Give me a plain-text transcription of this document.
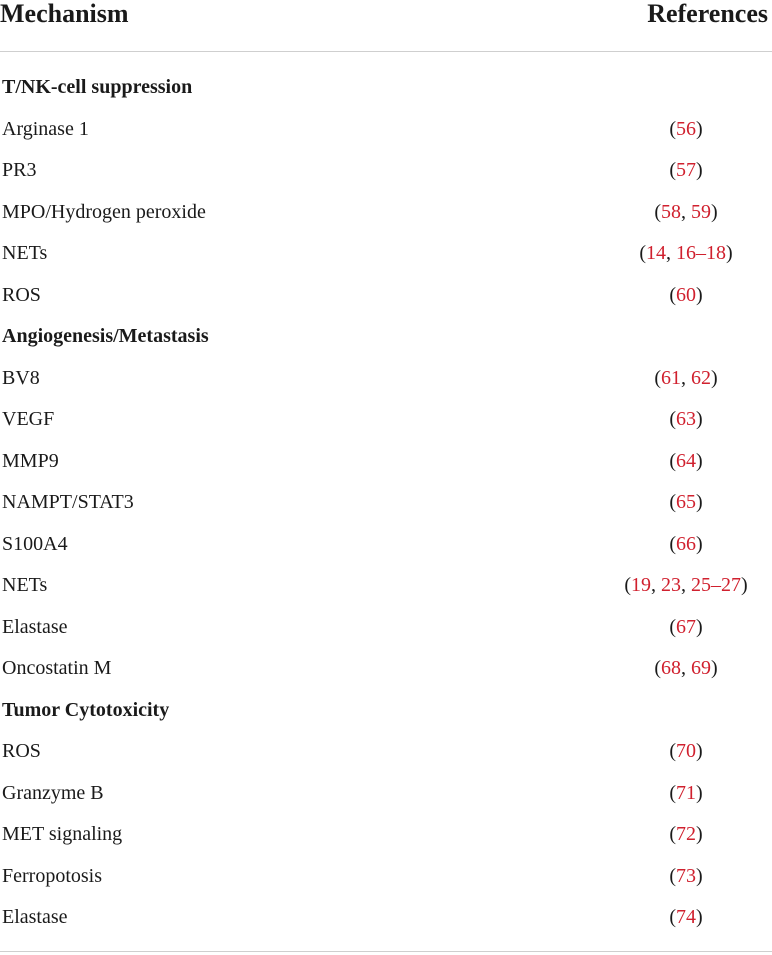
Mechanism	References
T/NK-cell suppression
Arginase 1	(56)
PR3	(57)
MPO/Hydrogen peroxide	(58, 59)
NETs	(14, 16–18)
ROS	(60)
Angiogenesis/Metastasis
BV8	(61, 62)
VEGF	(63)
MMP9	(64)
NAMPT/STAT3	(65)
S100A4	(66)
NETs	(19, 23, 25–27)
Elastase	(67)
Oncostatin M	(68, 69)
Tumor Cytotoxicity
ROS	(70)
Granzyme B	(71)
MET signaling	(72)
Ferropotosis	(73)
Elastase	(74)
